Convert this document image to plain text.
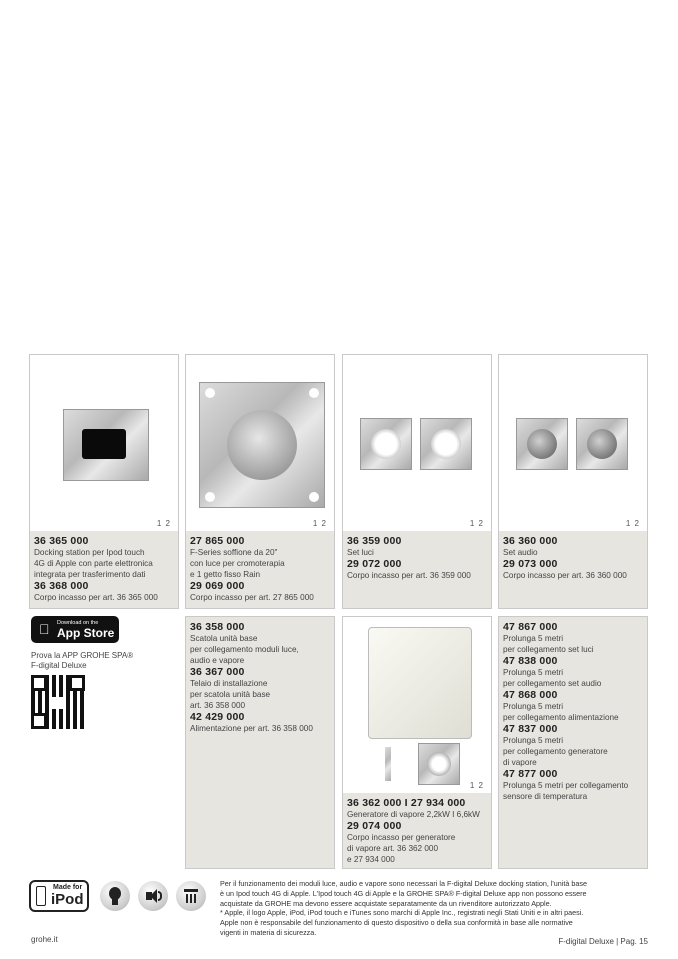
1 2
36 365 000
Docking station per Ipod touch
4G di Apple con parte elettronica
integrata per trasferimento dati
36 368 000
Corpo incasso per art. 36 365 000
1 2
27 865 000
F-Series soffione da 20"
con luce per cromoterapia
e 1 getto fisso Rain
29 069 000
Corpo incasso per art. 27 865 000
1 2
36 359 000
Set luci
29 072 000
Corpo incasso per art. 36 359 000
1 2
36 360 000
Set audio
29 073 000
Corpo incasso per art. 36 360 000
Download on the
App Store
Prova la APP GROHE SPA®
F-digital Deluxe
36 358 000
Scatola unità base
per collegamento moduli luce,
audio e vapore
36 367 000
Telaio di installazione
per scatola unità base
art. 36 358 000
42 429 000
Alimentazione per art. 36 358 000
1 2
36 362 000 I 27 934 000
Generatore di vapore 2,2kW I 6,6kW
29 074 000
Corpo incasso per generatore
di vapore art. 36 362 000
e 27 934 000
47 867 000
Prolunga 5 metri
per collegamento set luci
47 838 000
Prolunga 5 metri
per collegamento set audio
47 868 000
Prolunga 5 metri
per collegamento alimentazione
47 837 000
Prolunga 5 metri
per collegamento generatore
di vapore
47 877 000
Prolunga 5 metri per collegamento
sensore di temperatura
Made for
iPod
Per il funzionamento dei moduli luce, audio e vapore sono necessari la F-digital Deluxe docking station, l'unità base
è un Ipod touch 4G di Apple. L'Ipod touch 4G di Apple e la GROHE SPA® F-digital Deluxe app non possono essere
acquistate da GROHE ma devono essere acquistate separatamente da un rivenditore autorizzato Apple.
* Apple, il logo Apple, iPod, iPod touch e iTunes sono marchi di Apple Inc., registrati negli Stati Uniti e in altri paesi.
Apple non è responsabile del funzionamento di questo dispositivo o della sua conformità in base alle normative
vigenti in materia di sicurezza.
grohe.it	F-digital Deluxe | Pag. 15
